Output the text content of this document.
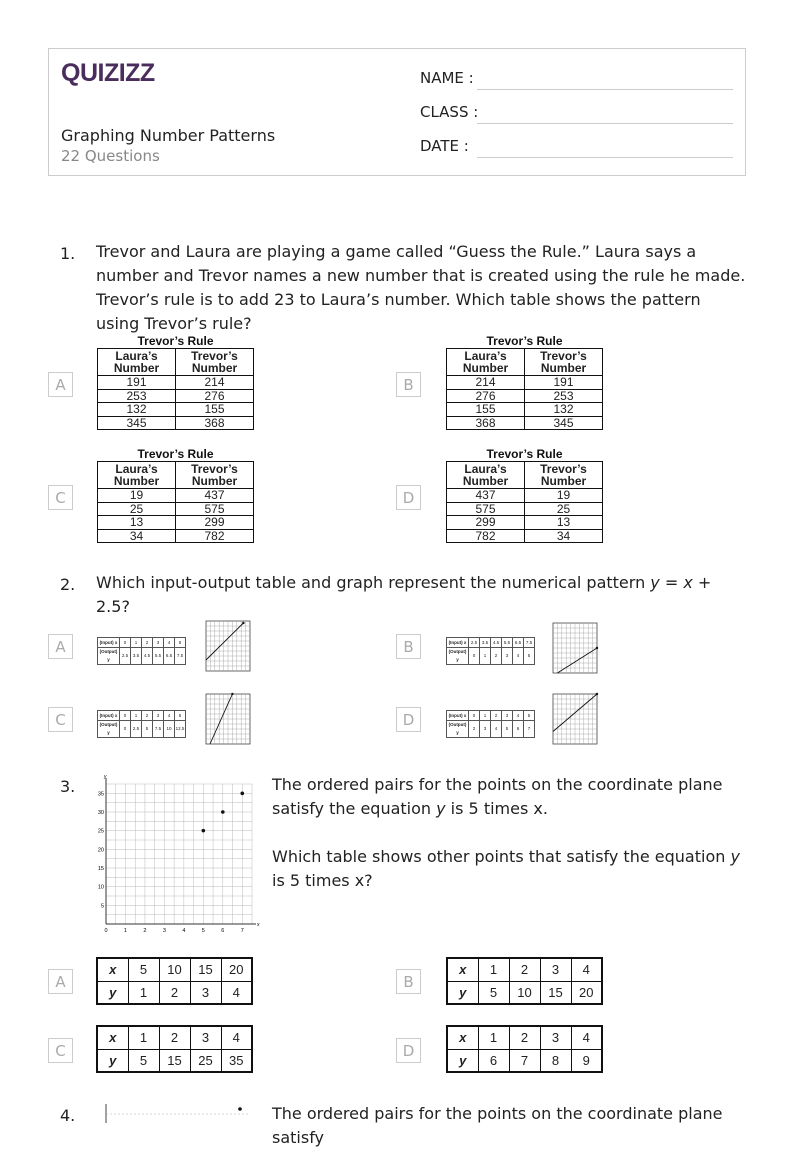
QUIZIZZ
Graphing Number Patterns
22 Questions
NAME :
CLASS :
DATE :
1. Trevor and Laura are playing a game called “Guess the Rule.” Laura says a number and Trevor names a new number that is created using the rule he made. Trevor’s rule is to add 23 to Laura’s number. Which table shows the pattern using Trevor’s rule?
A	B
C	D
Trevor’s Rule
Laura’s Number	Trevor’s Number
191	214
253	276
132	155
345	368
Trevor’s Rule
Laura’s Number	Trevor’s Number
214	191
276	253
155	132
368	345
Trevor’s Rule
Laura’s Number	Trevor’s Number
19	437
25	575
13	299
34	782
Trevor’s Rule
Laura’s Number	Trevor’s Number
437	19
575	25
299	13
782	34
2. Which input-output table and graph represent the numerical pattern y = x + 2.5?
A	B
C	D
(Input) x	0	1	2	3	4	5
(Output) y	2.5	3.5	4.5	5.5	6.5	7.5
(Input) x	2.5	3.5	4.5	5.5	6.5	7.5
(Output) y	0	1	2	3	4	5
(Input) x	0	1	2	3	4	5
(Output) y	0	2.5	5	7.5	10	12.5
(Input) x	0	1	2	3	4	5
(Output) y	2	3	4	5	6	7
3.
x
y
0	1	2	3	4	5	6	7
5
10
15
20
25
30
35
The ordered pairs for the points on the coordinate plane satisfy the equation y is 5 times x.
Which table shows other points that satisfy the equation y is 5 times x?
A	B
C	D
x	5	10	15	20
y	1	2	3	4
x	1	2	3	4
y	5	10	15	20
x	1	2	3	4
y	5	15	25	35
x	1	2	3	4
y	6	7	8	9
4.	The ordered pairs for the points on the coordinate plane satisfy
